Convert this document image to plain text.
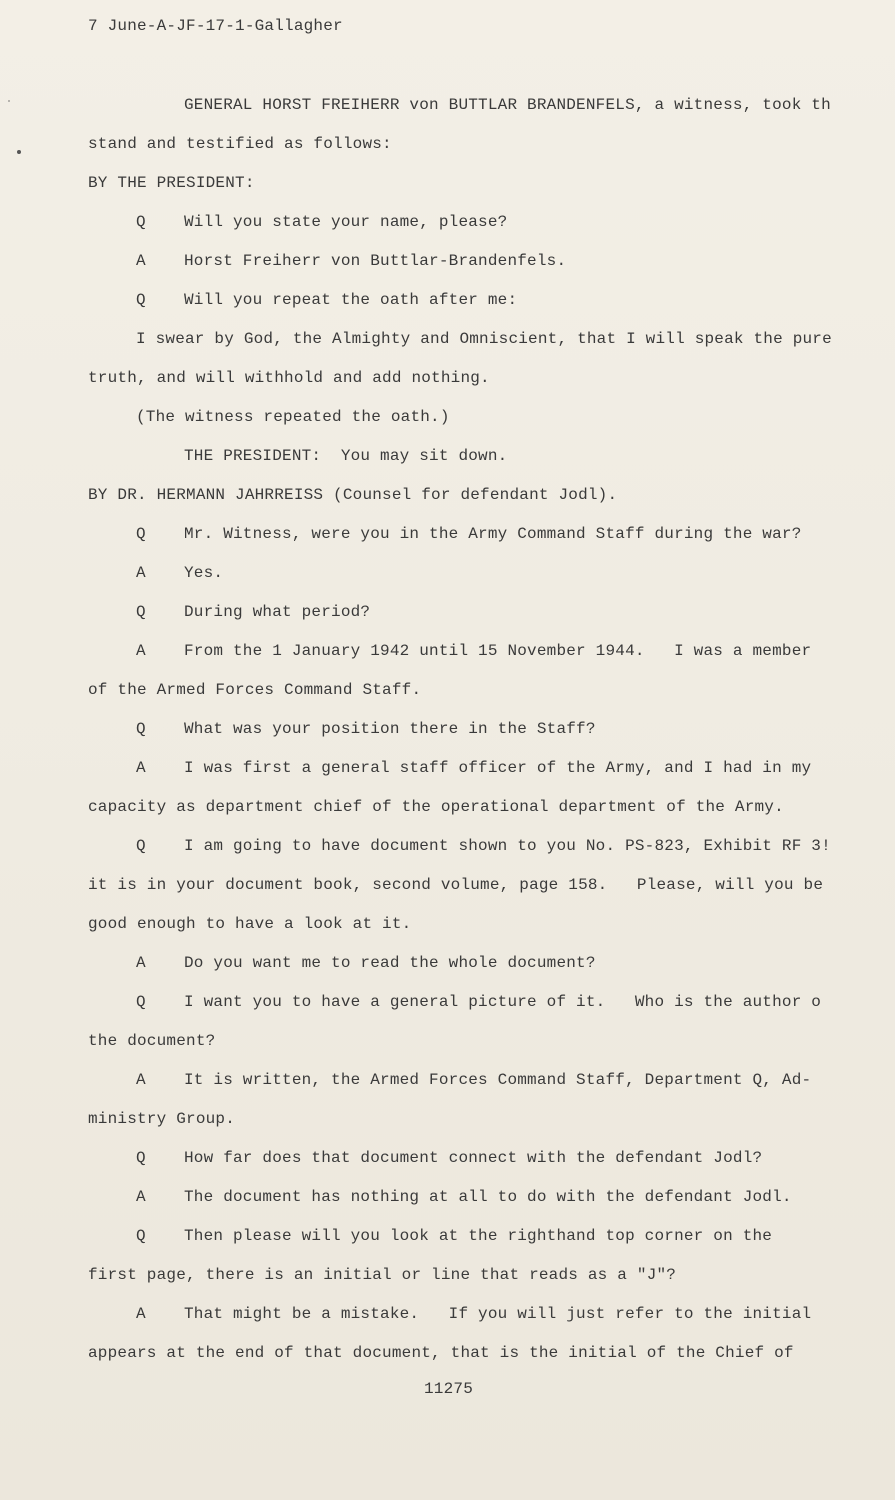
7 June-A-JF-17-1-Gallagher
GENERAL HORST FREIHERR von BUTTLAR BRANDENFELS, a witness, took th
stand and testified as follows:
BY THE PRESIDENT:
Q Will you state your name, please?
A Horst Freiherr von Buttlar-Brandenfels.
Q Will you repeat the oath after me:
I swear by God, the Almighty and Omniscient, that I will speak the pure
truth, and will withhold and add nothing.
(The witness repeated the oath.)
THE PRESIDENT:  You may sit down.
BY DR. HERMANN JAHRREISS (Counsel for defendant Jodl).
Q Mr. Witness, were you in the Army Command Staff during the war?
A Yes.
Q During what period?
A From the 1 January 1942 until 15 November 1944.   I was a member
of the Armed Forces Command Staff.
Q What was your position there in the Staff?
A I was first a general staff officer of the Army, and I had in my
capacity as department chief of the operational department of the Army.
Q I am going to have document shown to you No. PS-823, Exhibit RF 3!
it is in your document book, second volume, page 158.   Please, will you be
good enough to have a look at it.
A Do you want me to read the whole document?
Q I want you to have a general picture of it.   Who is the author o
the document?
A It is written, the Armed Forces Command Staff, Department Q, Ad-
ministry Group.
Q How far does that document connect with the defendant Jodl?
A The document has nothing at all to do with the defendant Jodl.
Q Then please will you look at the righthand top corner on the
first page, there is an initial or line that reads as a "J"?
A That might be a mistake.   If you will just refer to the initial
appears at the end of that document, that is the initial of the Chief of
11275
